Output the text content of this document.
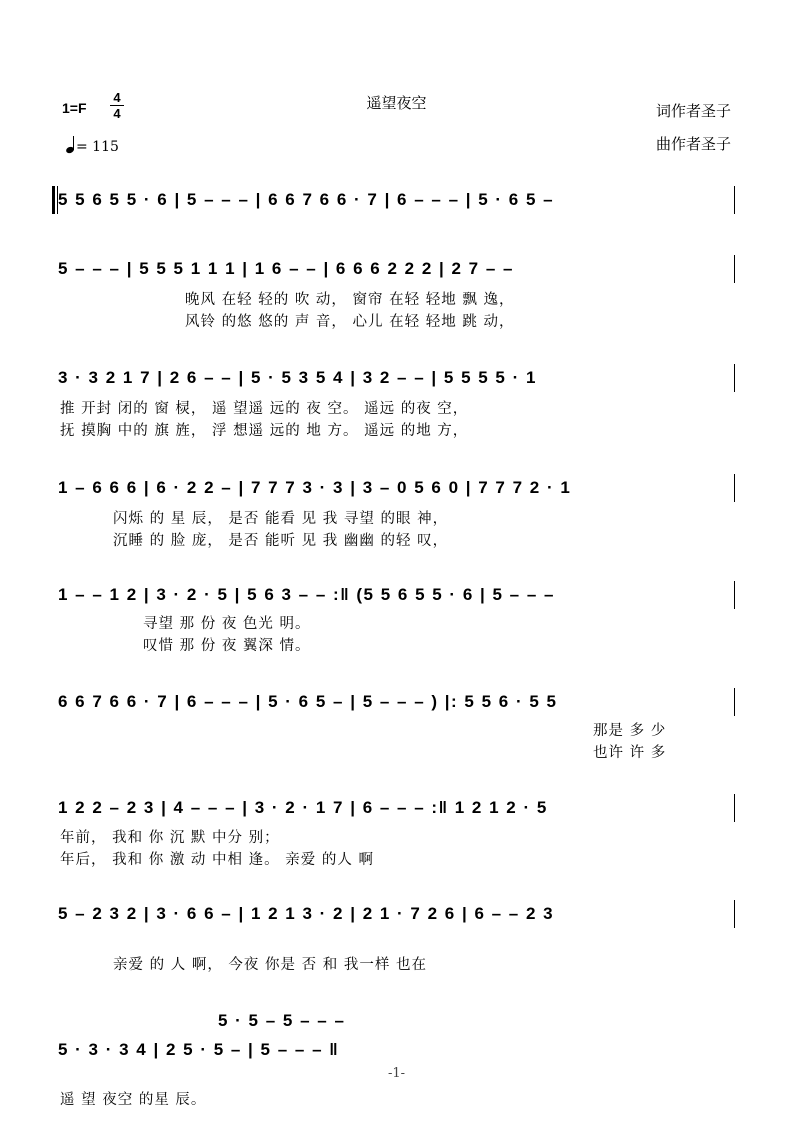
遥望夜空
1=F
4
4
= 115
词作者圣子
曲作者圣子
5 5 6 5 5 · 6 | 5 – – – | 6 6 7 6 6 · 7 | 6 – – – | 5 · 6 5 –
5 – – – | 5 5 5 1 1 1 | 1 6 – – | 6 6 6 2 2 2 | 2 7 – –
晚风 在轻 轻的 吹 动， 窗帘 在轻 轻地 飘 逸，
风铃 的悠 悠的 声 音， 心儿 在轻 轻地 跳 动，
3 · 3 2 1 7 | 2 6 – – | 5 · 5 3 5 4 | 3 2 – – | 5 5 5 5 · 1
推 开封 闭的 窗 棂， 遥 望遥 远的 夜 空。 遥远 的夜 空，
抚 摸胸 中的 旗 旌， 浮 想遥 远的 地 方。 遥远 的地 方，
1 – 6 6 6 | 6 · 2 2 – | 7 7 7 3 · 3 | 3 – 0 5 6 0 | 7 7 7 2 · 1
闪烁 的 星 辰， 是否 能看 见 我 寻望 的眼 神，
沉睡 的 脸 庞， 是否 能听 见 我 幽幽 的轻 叹，
1 – – 1 2 | 3 · 2 · 5 | 5 6 3 – – :‖ (5 5 6 5 5 · 6 | 5 – – –
寻望 那 份 夜 色光 明。
叹惜 那 份 夜 翼深 情。
6 6 7 6 6 · 7 | 6 – – – | 5 · 6 5 – | 5 – – – ) |: 5 5 6 · 5 5
那是 多 少
也许 许 多
1 2 2 – 2 3 | 4 – – – | 3 · 2 · 1 7 | 6 – – – :‖ 1 2 1 2 · 5
年前， 我和 你 沉 默 中分 别；
年后， 我和 你 激 动 中相 逢。 亲爱 的人 啊
5 – 2 3 2 | 3 · 6 6 – | 1 2 1 3 · 2 | 2 1 · 7 2 6 | 6 – – 2 3
亲爱 的 人 啊， 今夜 你是 否 和 我一样 也在
5 · 5 – 5 – – –
5 · 3 · 3 4 | 2 5 · 5 – | 5 – – – ‖
遥 望 夜空 的星 辰。
-1-
